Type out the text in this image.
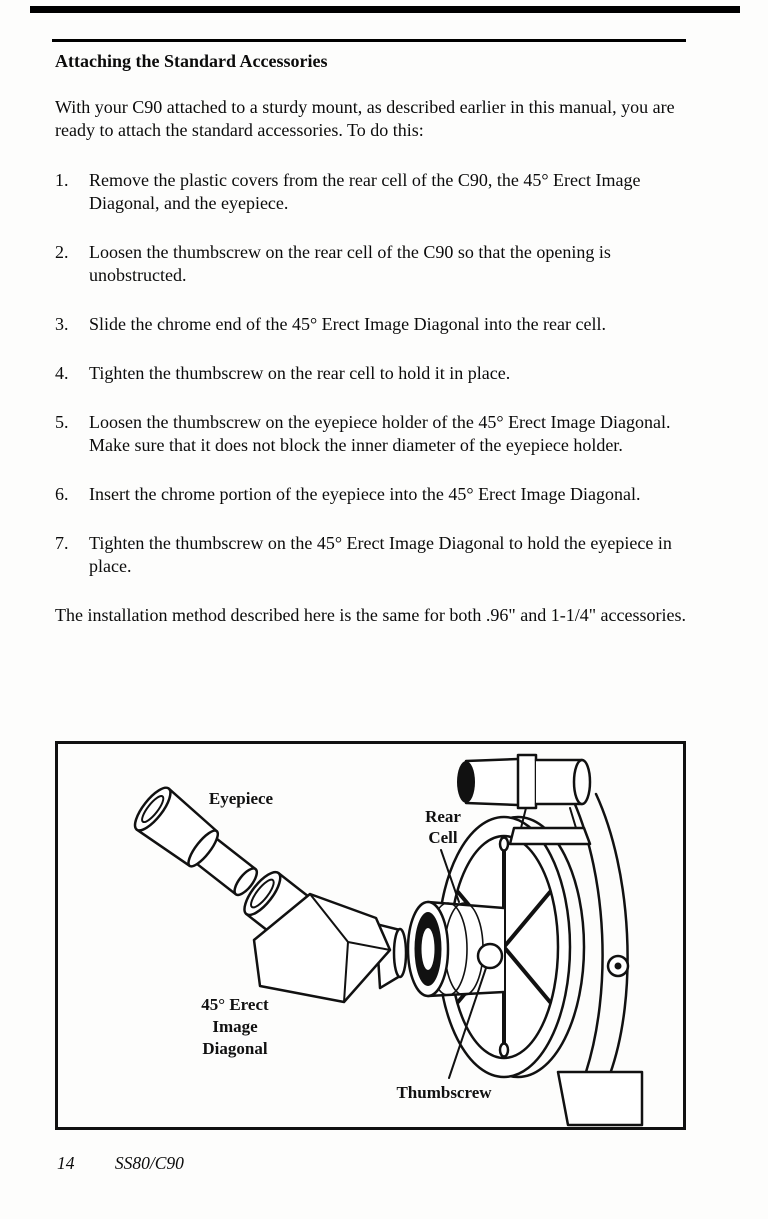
Attaching the Standard Accessories

With your C90 attached to a sturdy mount, as described earlier in this manual, you are ready to attach the standard accessories. To do this:

1.	Remove the plastic covers from the rear cell of the C90, the 45° Erect Image Diagonal, and the eyepiece.
2.	Loosen the thumbscrew on the rear cell of the C90 so that the opening is unobstructed.
3.	Slide the chrome end of the 45° Erect Image Diagonal into the rear cell.
4.	Tighten the thumbscrew on the rear cell to hold it in place.
5.	Loosen the thumbscrew on the eyepiece holder of the 45° Erect Image Diagonal. Make sure that it does not block the inner diameter of the eyepiece holder.
6.	Insert the chrome portion of the eyepiece into the 45° Erect Image Diagonal.
7.	Tighten the thumbscrew on the 45° Erect Image Diagonal to hold the eyepiece in place.

The installation method described here is the same for both .96" and 1-1/4" accessories.

Eyepiece
Rear
Cell
45° Erect
Image
Diagonal
Thumbscrew
14 SS80/C90
